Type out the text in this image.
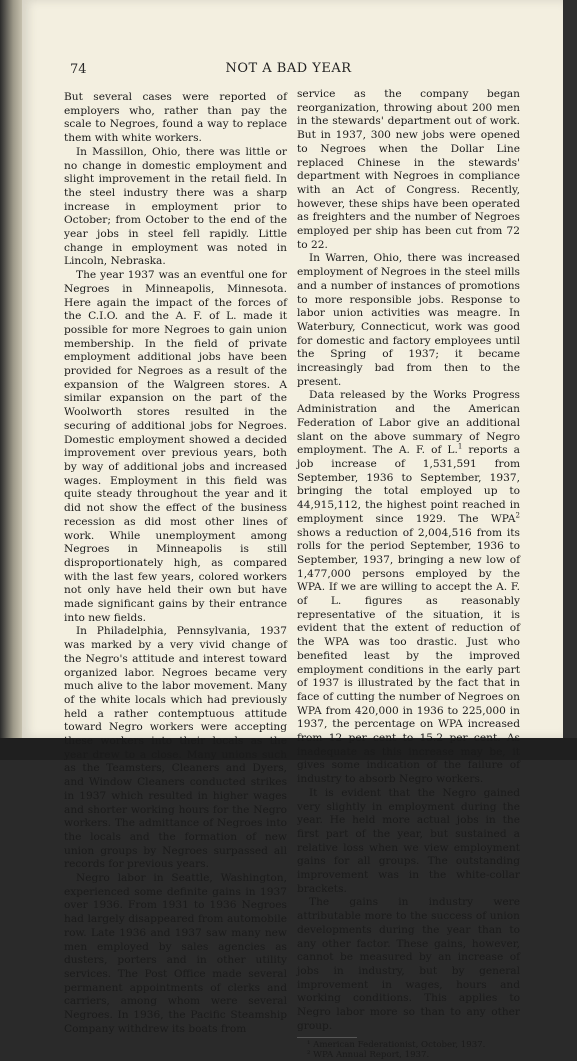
74	NOT A BAD YEAR

But several cases were reported of employers who, rather than pay the scale to Negroes, found a way to replace them with white workers.

In Massillon, Ohio, there was little or no change in domestic employment and slight improvement in the retail field. In the steel industry there was a sharp increase in employment prior to October; from October to the end of the year jobs in steel fell rapidly. Little change in employment was noted in Lincoln, Nebraska.

The year 1937 was an eventful one for Negroes in Minneapolis, Minnesota. Here again the impact of the forces of the C.I.O. and the A. F. of L. made it possible for more Negroes to gain union membership. In the field of private employment additional jobs have been provided for Negroes as a result of the expansion of the Walgreen stores. A similar expansion on the part of the Woolworth stores resulted in the securing of additional jobs for Negroes. Domestic employment showed a decided improvement over previous years, both by way of additional jobs and increased wages. Employment in this field was quite steady throughout the year and it did not show the effect of the business recession as did most other lines of work. While unemployment among Negroes in Minneapolis is still disproportionately high, as compared with the last few years, colored workers not only have held their own but have made significant gains by their entrance into new fields.

In Philadelphia, Pennsylvania, 1937 was marked by a very vivid change of the Negro's attitude and interest toward organized labor. Negroes became very much alive to the labor movement. Many of the white locals which had previously held a rather contemptuous attitude toward Negro workers were accepting these workers into their locals as the year drew to a close. Many unions such as the Teamsters, Cleaners and Dyers, and Window Cleaners conducted strikes in 1937 which resulted in higher wages and shorter working hours for the Negro workers. The admittance of Negroes into the locals and the formation of new union groups by Negroes surpassed all records for previous years.

Negro labor in Seattle, Washington, experienced some definite gains in 1937 over 1936. From 1931 to 1936 Negroes had largely disappeared from automobile row. Late 1936 and 1937 saw many new men employed by sales agencies as dusters, porters and in other utility services. The Post Office made several permanent appointments of clerks and carriers, among whom were several Negroes. In 1936, the Pacific Steamship Company withdrew its boats from

service as the company began reorganization, throwing about 200 men in the stewards' department out of work. But in 1937, 300 new jobs were opened to Negroes when the Dollar Line replaced Chinese in the stewards' department with Negroes in compliance with an Act of Congress. Recently, however, these ships have been operated as freighters and the number of Negroes employed per ship has been cut from 72 to 22.

In Warren, Ohio, there was increased employment of Negroes in the steel mills and a number of instances of promotions to more responsible jobs. Response to labor union activities was meagre. In Waterbury, Connecticut, work was good for domestic and factory employees until the Spring of 1937; it became increasingly bad from then to the present.

Data released by the Works Progress Administration and the American Federation of Labor give an additional slant on the above summary of Negro employment. The A. F. of L.$^1$ reports a job increase of 1,531,591 from September, 1936 to September, 1937, bringing the total employed up to 44,915,112, the highest point reached in employment since 1929. The WPA$^2$ shows a reduction of 2,004,516 from its rolls for the period September, 1936 to September, 1937, bringing a new low of 1,477,000 persons employed by the WPA. If we are willing to accept the A. F. of L. figures as reasonably representative of the situation, it is evident that the extent of reduction of the WPA was too drastic. Just who benefited least by the improved employment conditions in the early part of 1937 is illustrated by the fact that in face of cutting the number of Negroes on WPA from 420,000 in 1936 to 225,000 in 1937, the percentage on WPA increased from 12 per cent to 15.2 per cent. As inadequate as this increase may be, it gives some indication of the failure of industry to absorb Negro workers.

It is evident that the Negro gained very slightly in employment during the year. He held more actual jobs in the first part of the year, but sustained a relative loss when we view employment gains for all groups. The outstanding improvement was in the white-collar brackets.

The gains in industry were attributable more to the success of union developments during the year than to any other factor. These gains, however, cannot be measured by an increase of jobs in industry, but by general improvement in wages, hours and working conditions. This applies to Negro labor more so than to any other group.

¹ American Federationist, October, 1937.

² WPA Annual Report, 1937.
